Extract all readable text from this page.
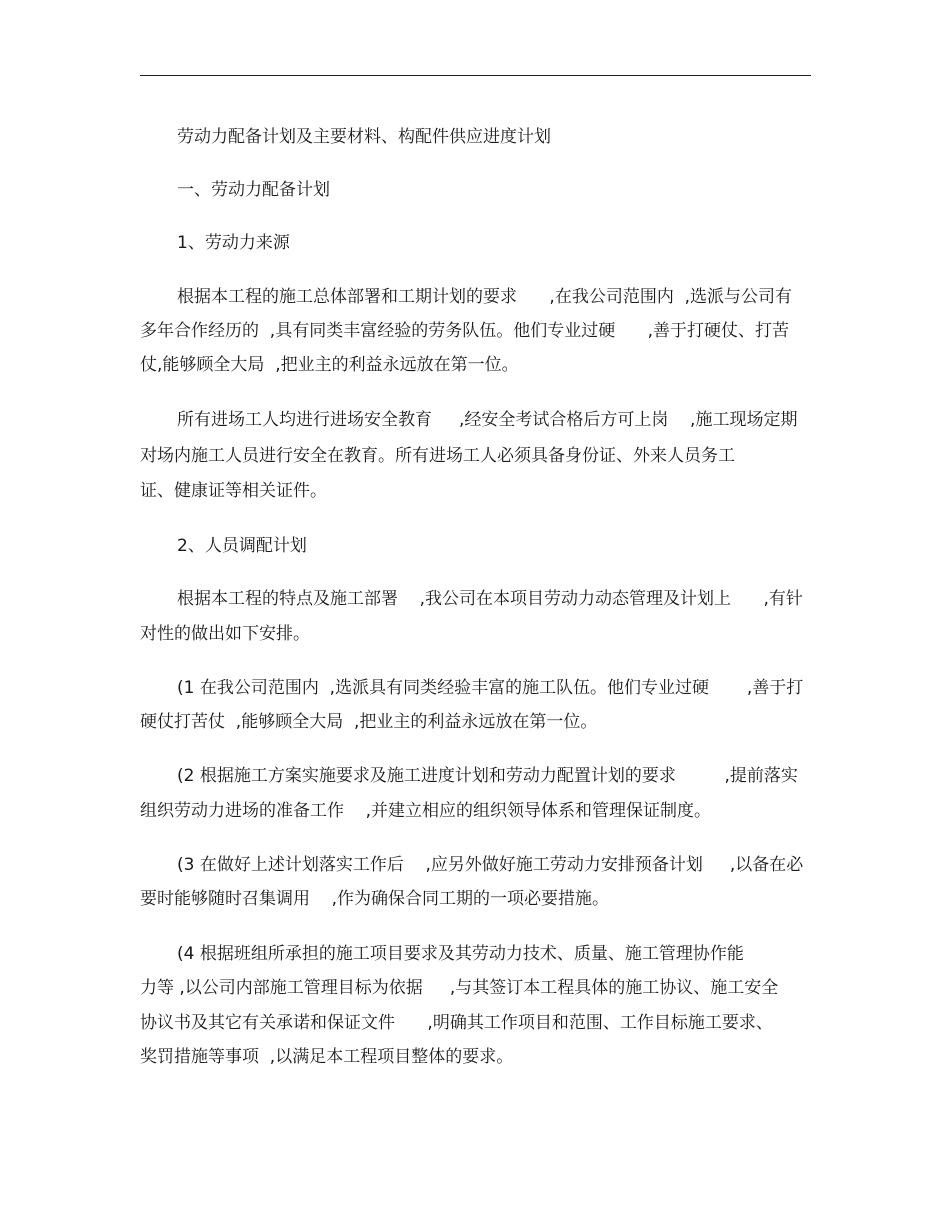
劳动力配备计划及主要材料、构配件供应进度计划
一、劳动力配备计划
1、劳动力来源
根据本工程的施工总体部署和工期计划的要求      ,在我公司范围内  ,选派与公司有
多年合作经历的  ,具有同类丰富经验的劳务队伍。他们专业过硬      ,善于打硬仗、打苦
仗,能够顾全大局  ,把业主的利益永远放在第一位。
所有进场工人均进行进场安全教育     ,经安全考试合格后方可上岗    ,施工现场定期
对场内施工人员进行安全在教育。所有进场工人必须具备身份证、外来人员务工
证、健康证等相关证件。
2、人员调配计划
根据本工程的特点及施工部署    ,我公司在本项目劳动力动态管理及计划上      ,有针
对性的做出如下安排。
(1 在我公司范围内  ,选派具有同类经验丰富的施工队伍。他们专业过硬       ,善于打
硬仗打苦仗  ,能够顾全大局  ,把业主的利益永远放在第一位。
(2 根据施工方案实施要求及施工进度计划和劳动力配置计划的要求         ,提前落实
组织劳动力进场的准备工作    ,并建立相应的组织领导体系和管理保证制度。
(3 在做好上述计划落实工作后    ,应另外做好施工劳动力安排预备计划     ,以备在必
要时能够随时召集调用    ,作为确保合同工期的一项必要措施。
(4 根据班组所承担的施工项目要求及其劳动力技术、质量、施工管理协作能
力等 ,以公司内部施工管理目标为依据     ,与其签订本工程具体的施工协议、施工安全
协议书及其它有关承诺和保证文件      ,明确其工作项目和范围、工作目标施工要求、
奖罚措施等事项  ,以满足本工程项目整体的要求。
